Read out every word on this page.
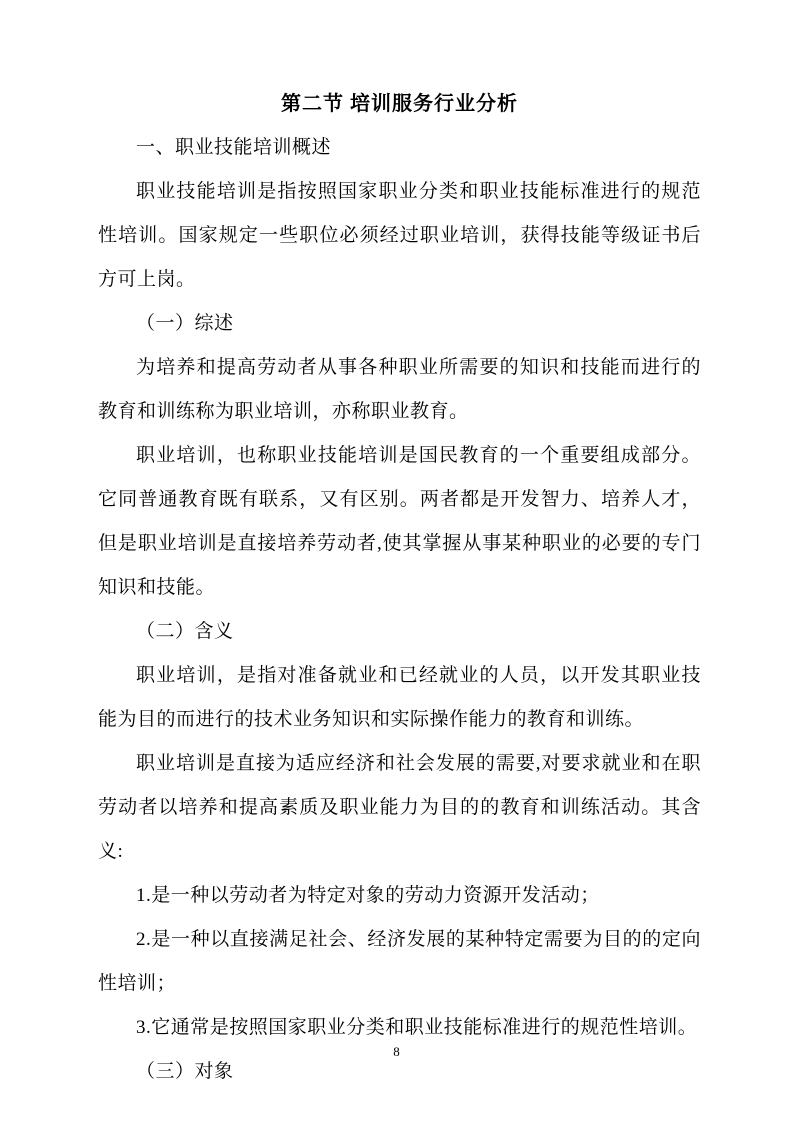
第二节 培训服务行业分析

一、职业技能培训概述

职业技能培训是指按照国家职业分类和职业技能标准进行的规范性培训。国家规定一些职位必须经过职业培训，获得技能等级证书后方可上岗。

（一）综述

为培养和提高劳动者从事各种职业所需要的知识和技能而进行的教育和训练称为职业培训，亦称职业教育。

职业培训，也称职业技能培训是国民教育的一个重要组成部分。它同普通教育既有联系，又有区别。两者都是开发智力、培养人才，但是职业培训是直接培养劳动者,使其掌握从事某种职业的必要的专门知识和技能。

（二）含义

职业培训，是指对准备就业和已经就业的人员，以开发其职业技能为目的而进行的技术业务知识和实际操作能力的教育和训练。

职业培训是直接为适应经济和社会发展的需要,对要求就业和在职劳动者以培养和提高素质及职业能力为目的的教育和训练活动。其含义:

1.是一种以劳动者为特定对象的劳动力资源开发活动；

2.是一种以直接满足社会、经济发展的某种特定需要为目的的定向性培训；

3.它通常是按照国家职业分类和职业技能标准进行的规范性培训。

（三）对象

8
